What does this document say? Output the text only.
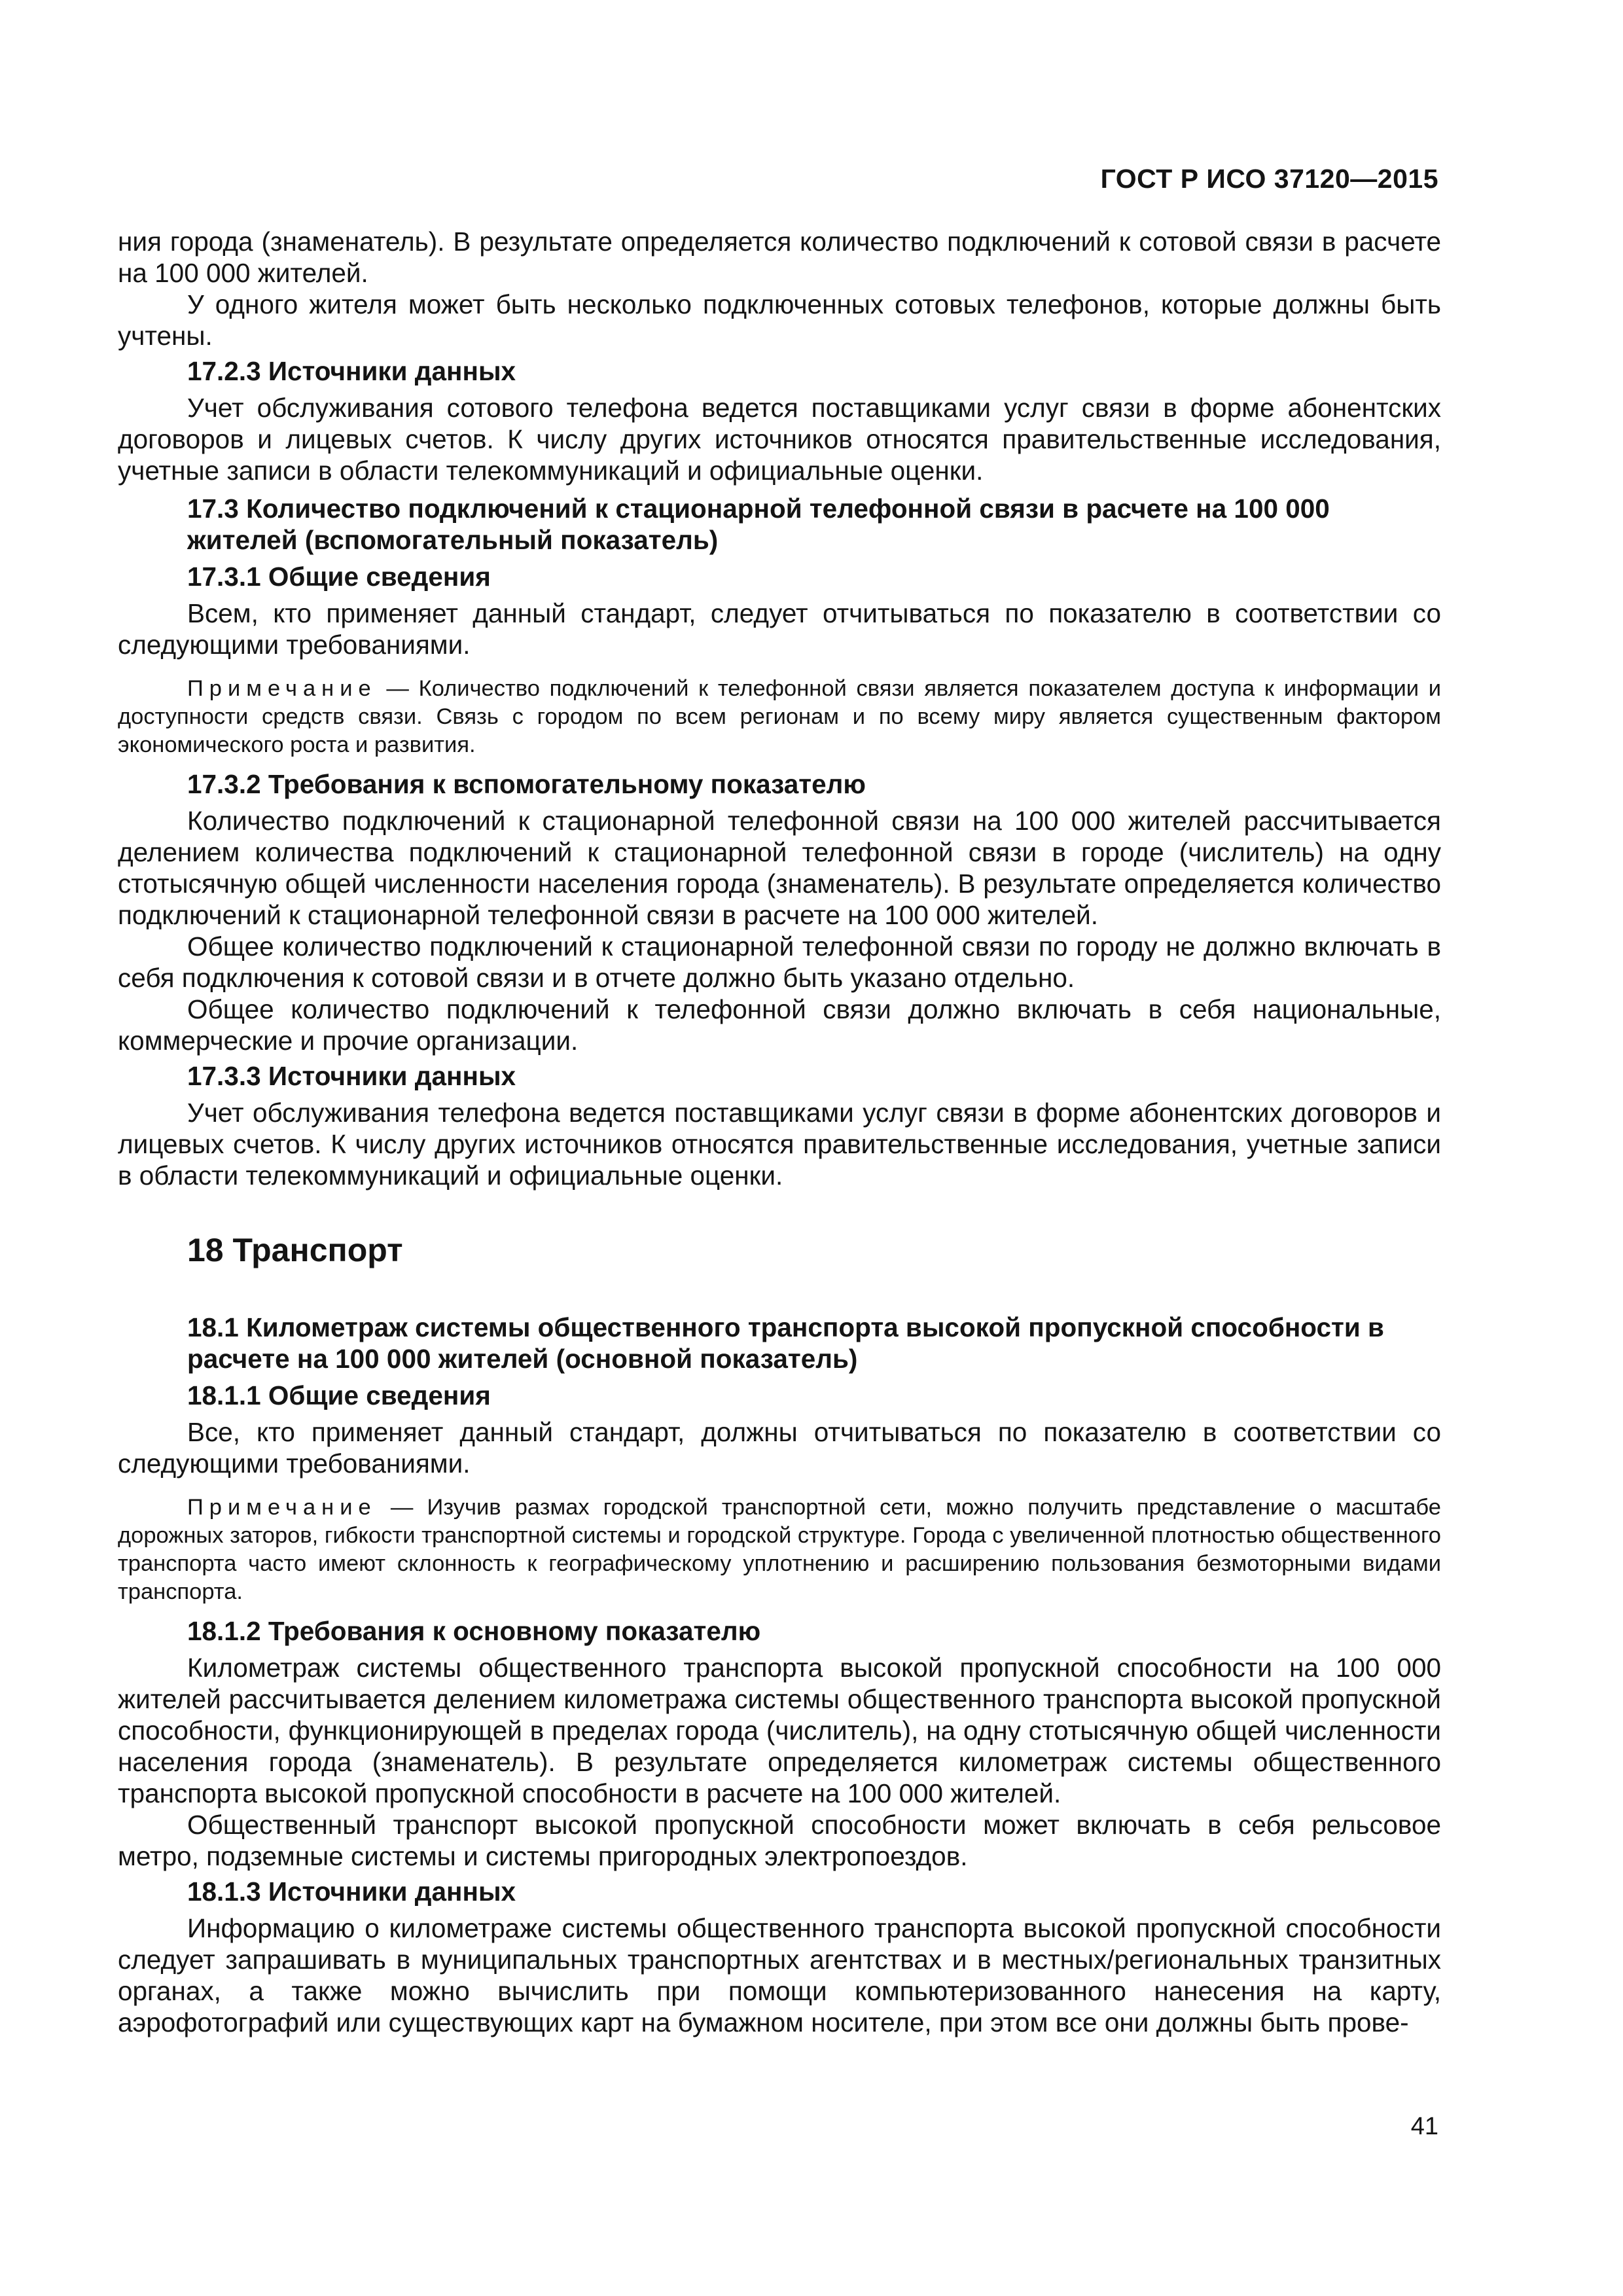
ГОСТ Р ИСО 37120—2015

ния города (знаменатель). В результате определяется количество подключений к сотовой связи в расчете на 100 000 жителей.

У одного жителя может быть несколько подключенных сотовых телефонов, которые должны быть учтены.

17.2.3 Источники данных

Учет обслуживания сотового телефона ведется поставщиками услуг связи в форме абонентских договоров и лицевых счетов. К числу других источников относятся правительственные исследования, учетные записи в области телекоммуникаций и официальные оценки.

17.3 Количество подключений к стационарной телефонной связи в расчете на 100 000 жителей (вспомогательный показатель)
17.3.1 Общие сведения

Всем, кто применяет данный стандарт, следует отчитываться по показателю в соответствии со следующими требованиями.

Примечание — Количество подключений к телефонной связи является показателем доступа к информации и доступности средств связи. Связь с городом по всем регионам и по всему миру является существенным фактором экономического роста и развития.

17.3.2 Требования к вспомогательному показателю

Количество подключений к стационарной телефонной связи на 100 000 жителей рассчитывается делением количества подключений к стационарной телефонной связи в городе (числитель) на одну стотысячную общей численности населения города (знаменатель). В результате определяется количество подключений к стационарной телефонной связи в расчете на 100 000 жителей.

Общее количество подключений к стационарной телефонной связи по городу не должно включать в себя подключения к сотовой связи и в отчете должно быть указано отдельно.

Общее количество подключений к телефонной связи должно включать в себя национальные, коммерческие и прочие организации.

17.3.3 Источники данных

Учет обслуживания телефона ведется поставщиками услуг связи в форме абонентских договоров и лицевых счетов. К числу других источников относятся правительственные исследования, учетные записи в области телекоммуникаций и официальные оценки.

18 Транспорт
18.1 Километраж системы общественного транспорта высокой пропускной способности в расчете на 100 000 жителей (основной показатель)
18.1.1 Общие сведения

Все, кто применяет данный стандарт, должны отчитываться по показателю в соответствии со следующими требованиями.

Примечание — Изучив размах городской транспортной сети, можно получить представление о масштабе дорожных заторов, гибкости транспортной системы и городской структуре. Города с увеличенной плотностью общественного транспорта часто имеют склонность к географическому уплотнению и расширению пользования безмоторными видами транспорта.

18.1.2 Требования к основному показателю

Километраж системы общественного транспорта высокой пропускной способности на 100 000 жителей рассчитывается делением километража системы общественного транспорта высокой пропускной способности, функционирующей в пределах города (числитель), на одну стотысячную общей численности населения города (знаменатель). В результате определяется километраж системы общественного транспорта высокой пропускной способности в расчете на 100 000 жителей.

Общественный транспорт высокой пропускной способности может включать в себя рельсовое метро, подземные системы и системы пригородных электропоездов.

18.1.3 Источники данных

Информацию о километраже системы общественного транспорта высокой пропускной способности следует запрашивать в муниципальных транспортных агентствах и в местных/региональных транзитных органах, а также можно вычислить при помощи компьютеризованного нанесения на карту, аэрофотографий или существующих карт на бумажном носителе, при этом все они должны быть прове-

41
